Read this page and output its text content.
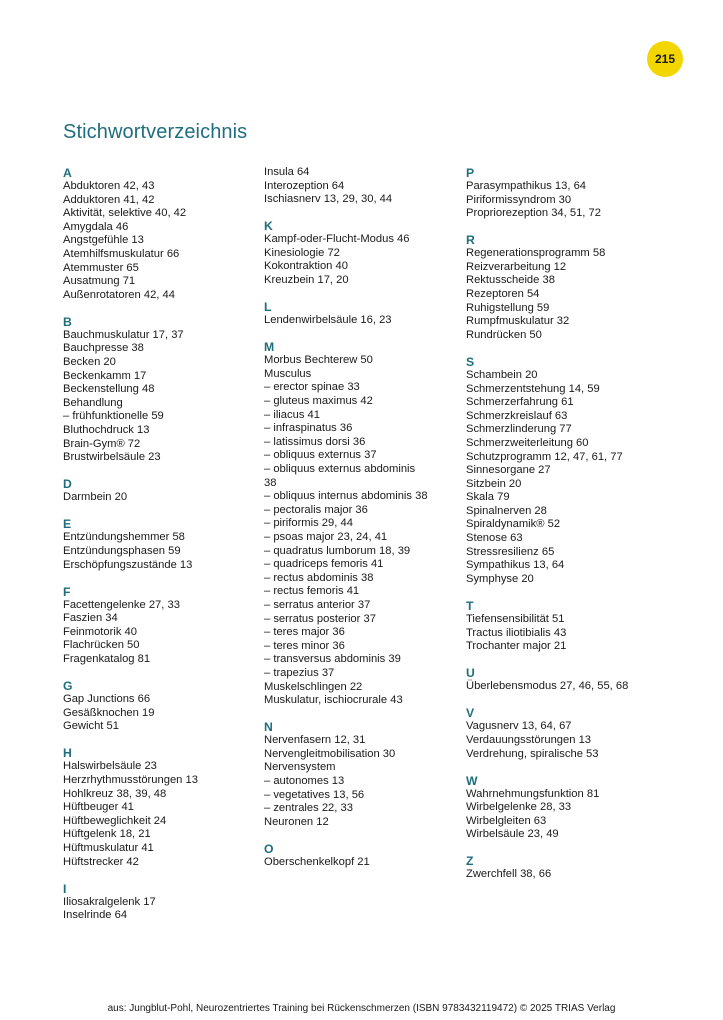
215
Stichwortverzeichnis
A
Abduktoren 42, 43
Adduktoren 41, 42
Aktivität, selektive 40, 42
Amygdala 46
Angstgefühle 13
Atemhilfsmuskulatur 66
Atemmuster 65
Ausatmung 71
Außenrotatoren 42, 44
B
Bauchmuskulatur 17, 37
Bauchpresse 38
Becken 20
Beckenkamm 17
Beckenstellung 48
Behandlung
– frühfunktionelle 59
Bluthochdruck 13
Brain-Gym® 72
Brustwirbelsäule 23
D
Darmbein 20
E
Entzündungshemmer 58
Entzündungsphasen 59
Erschöpfungszustände 13
F
Facettengelenke 27, 33
Faszien 34
Feinmotorik 40
Flachrücken 50
Fragenkatalog 81
G
Gap Junctions 66
Gesäßknochen 19
Gewicht 51
H
Halswirbelsäule 23
Herzrhythmusstörungen 13
Hohlkreuz 38, 39, 48
Hüftbeuger 41
Hüftbeweglichkeit 24
Hüftgelenk 18, 21
Hüftmuskulatur 41
Hüftstrecker 42
I
Iliosakralgelenk 17
Inselrinde 64
Insula 64
Interozeption 64
Ischiasnerv 13, 29, 30, 44
K
Kampf-oder-Flucht-Modus 46
Kinesiologie 72
Kokontraktion 40
Kreuzbein 17, 20
L
Lendenwirbelsäule 16, 23
M
Morbus Bechterew 50
Musculus
– erector spinae 33
– gluteus maximus 42
– iliacus 41
– infraspinatus 36
– latissimus dorsi 36
– obliquus externus 37
– obliquus externus abdominis
38
– obliquus internus abdominis 38
– pectoralis major 36
– piriformis 29, 44
– psoas major 23, 24, 41
– quadratus lumborum 18, 39
– quadriceps femoris 41
– rectus abdominis 38
– rectus femoris 41
– serratus anterior 37
– serratus posterior 37
– teres major 36
– teres minor 36
– transversus abdominis 39
– trapezius 37
Muskelschlingen 22
Muskulatur, ischiocrurale 43
N
Nervenfasern 12, 31
Nervengleitmobilisation 30
Nervensystem
– autonomes 13
– vegetatives 13, 56
– zentrales 22, 33
Neuronen 12
O
Oberschenkelkopf 21
P
Parasympathikus 13, 64
Piriformissyndrom 30
Propriorezeption 34, 51, 72
R
Regenerationsprogramm 58
Reizverarbeitung 12
Rektusscheide 38
Rezeptoren 54
Ruhigstellung 59
Rumpfmuskulatur 32
Rundrücken 50
S
Schambein 20
Schmerzentstehung 14, 59
Schmerzerfahrung 61
Schmerzkreislauf 63
Schmerzlinderung 77
Schmerzweiterleitung 60
Schutzprogramm 12, 47, 61, 77
Sinnesorgane 27
Sitzbein 20
Skala 79
Spinalnerven 28
Spiraldynamik® 52
Stenose 63
Stressresilienz 65
Sympathikus 13, 64
Symphyse 20
T
Tiefensensibilität 51
Tractus iliotibialis 43
Trochanter major 21
U
Überlebensmodus 27, 46, 55, 68
V
Vagusnerv 13, 64, 67
Verdauungsstörungen 13
Verdrehung, spiralische 53
W
Wahrnehmungsfunktion 81
Wirbelgelenke 28, 33
Wirbelgleiten 63
Wirbelsäule 23, 49
Z
Zwerchfell 38, 66
aus: Jungblut-Pohl, Neurozentriertes Training bei Rückenschmerzen (ISBN 9783432119472) © 2025 TRIAS Verlag
